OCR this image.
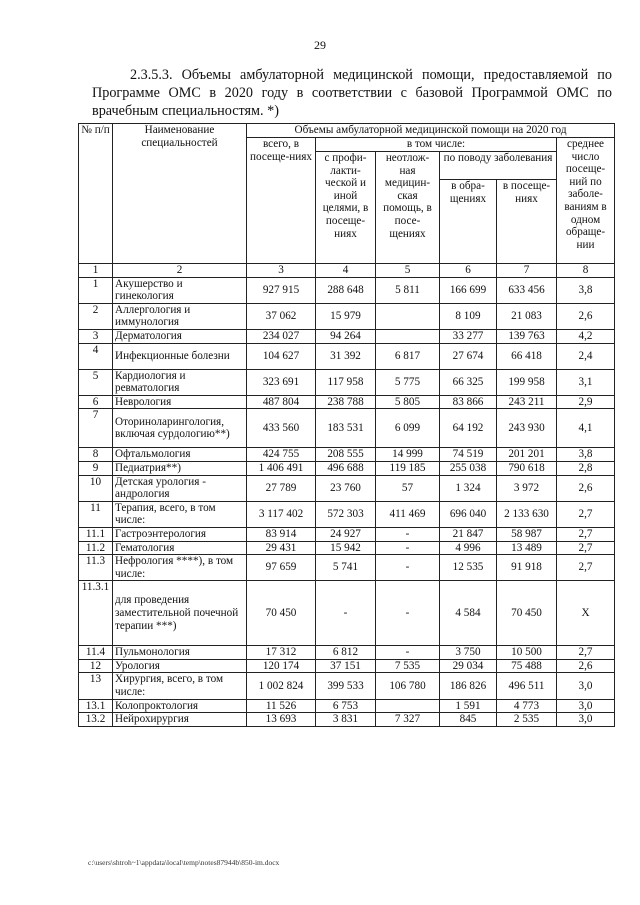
29
2.3.5.3. Объемы амбулаторной медицинской помощи, предоставляемой по Программе ОМС в 2020 году в соответствии с базовой Программой ОМС по врачебным специальностям. *)
№ п/п	Наименование специальностей	Объемы амбулаторной медицинской помощи на 2020 год					
		всего, в посеще-ниях	в том числе:				среднее число посеще-ний по заболе-ваниям в одном обраще-нии
			с профи-лакти-ческой и иной целями, в посеще-ниях	неотлож-ная медицин-ская помощь, в посе-щениях	по поводу заболевания		
					в обра-щениях	в посеще-ниях	
1	2	3	4	5	6	7	8
1	Акушерство и гинекология	927 915	288 648	5 811	166 699	633 456	3,8
2	Аллергология и иммунология	37 062	15 979		8 109	21 083	2,6
3	Дерматология	234 027	94 264		33 277	139 763	4,2
4	Инфекционные болезни	104 627	31 392	6 817	27 674	66 418	2,4
5	Кардиология и ревматология	323 691	117 958	5 775	66 325	199 958	3,1
6	Неврология	487 804	238 788	5 805	83 866	243 211	2,9
7	Оториноларингология, включая сурдологию**)	433 560	183 531	6 099	64 192	243 930	4,1
8	Офтальмология	424 755	208 555	14 999	74 519	201 201	3,8
9	Педиатрия**)	1 406 491	496 688	119 185	255 038	790 618	2,8
10	Детская урология - андрология	27 789	23 760	57	1 324	3 972	2,6
11	Терапия, всего, в том числе:	3 117 402	572 303	411 469	696 040	2 133 630	2,7
11.1	Гастроэнтерология	83 914	24 927	-	21 847	58 987	2,7
11.2	Гематология	29 431	15 942	-	4 996	13 489	2,7
11.3	Нефрология ****), в том числе:	97 659	5 741	-	12 535	91 918	2,7
11.3.1	для проведения заместительной почечной терапии ***)	70 450	-	-	4 584	70 450	X
11.4	Пульмонология	17 312	6 812	-	3 750	10 500	2,7
12	Урология	120 174	37 151	7 535	29 034	75 488	2,6
13	Хирургия, всего, в том числе:	1 002 824	399 533	106 780	186 826	496 511	3,0
13.1	Колопроктология	11 526	6 753		1 591	4 773	3,0
13.2	Нейрохирургия	13 693	3 831	7 327	845	2 535	3,0
c:\users\shtroh~1\appdata\local\temp\notes87944b\850-im.docx
